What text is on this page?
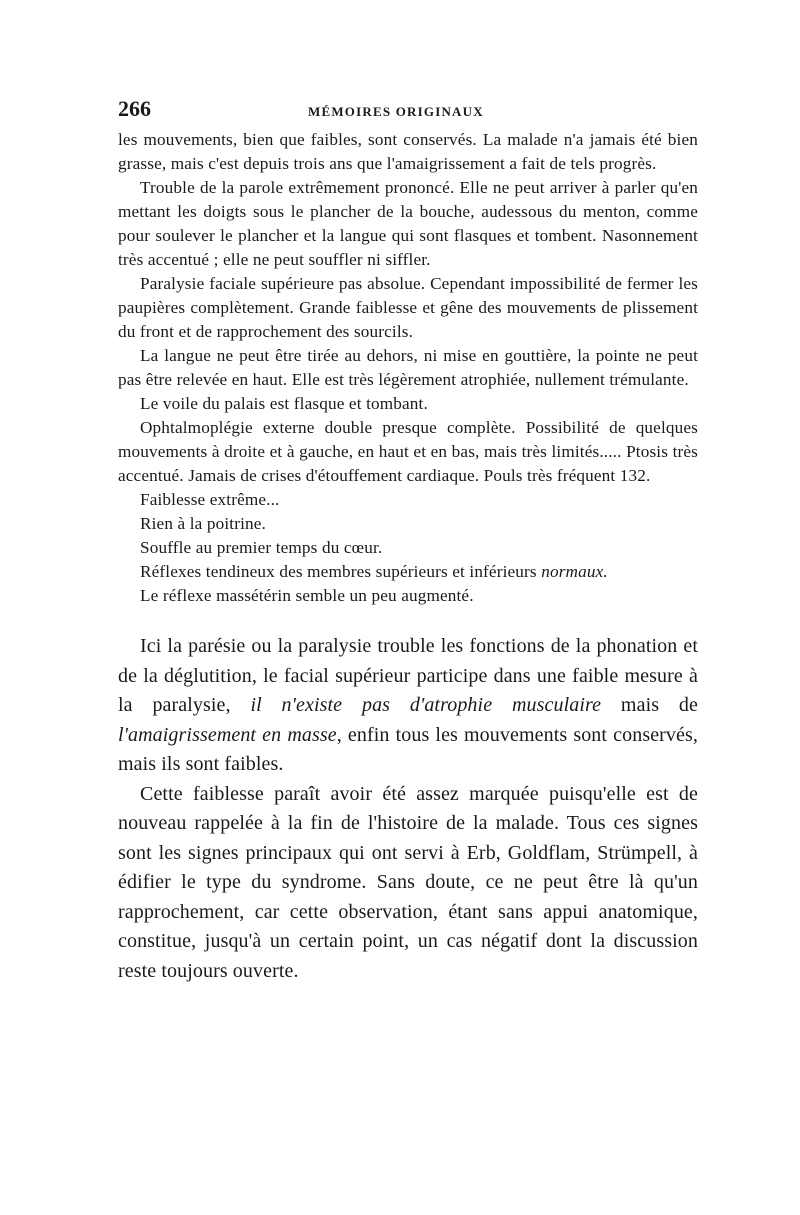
266	MÉMOIRES ORIGINAUX

les mouvements, bien que faibles, sont conservés. La malade n'a jamais été bien grasse, mais c'est depuis trois ans que l'amaigrissement a fait de tels progrès.

Trouble de la parole extrêmement prononcé. Elle ne peut arriver à parler qu'en mettant les doigts sous le plancher de la bouche, audessous du menton, comme pour soulever le plancher et la langue qui sont flasques et tombent. Nasonnement très accentué ; elle ne peut souffler ni siffler.

Paralysie faciale supérieure pas absolue. Cependant impossibilité de fermer les paupières complètement. Grande faiblesse et gêne des mouvements de plissement du front et de rapprochement des sourcils.

La langue ne peut être tirée au dehors, ni mise en gouttière, la pointe ne peut pas être relevée en haut. Elle est très légèrement atrophiée, nullement trémulante.

Le voile du palais est flasque et tombant.

Ophtalmoplégie externe double presque complète. Possibilité de quelques mouvements à droite et à gauche, en haut et en bas, mais très limités..... Ptosis très accentué. Jamais de crises d'étouffement cardiaque. Pouls très fréquent 132.

Faiblesse extrême...

Rien à la poitrine.

Souffle au premier temps du cœur.

Réflexes tendineux des membres supérieurs et inférieurs normaux.

Le réflexe massétérin semble un peu augmenté.

Ici la parésie ou la paralysie trouble les fonctions de la phonation et de la déglutition, le facial supérieur participe dans une faible mesure à la paralysie, il n'existe pas d'atrophie musculaire mais de l'amaigrissement en masse, enfin tous les mouvements sont conservés, mais ils sont faibles.

Cette faiblesse paraît avoir été assez marquée puisqu'elle est de nouveau rappelée à la fin de l'histoire de la malade. Tous ces signes sont les signes principaux qui ont servi à Erb, Goldflam, Strümpell, à édifier le type du syndrome. Sans doute, ce ne peut être là qu'un rapprochement, car cette observation, étant sans appui anatomique, constitue, jusqu'à un certain point, un cas négatif dont la discussion reste toujours ouverte.
